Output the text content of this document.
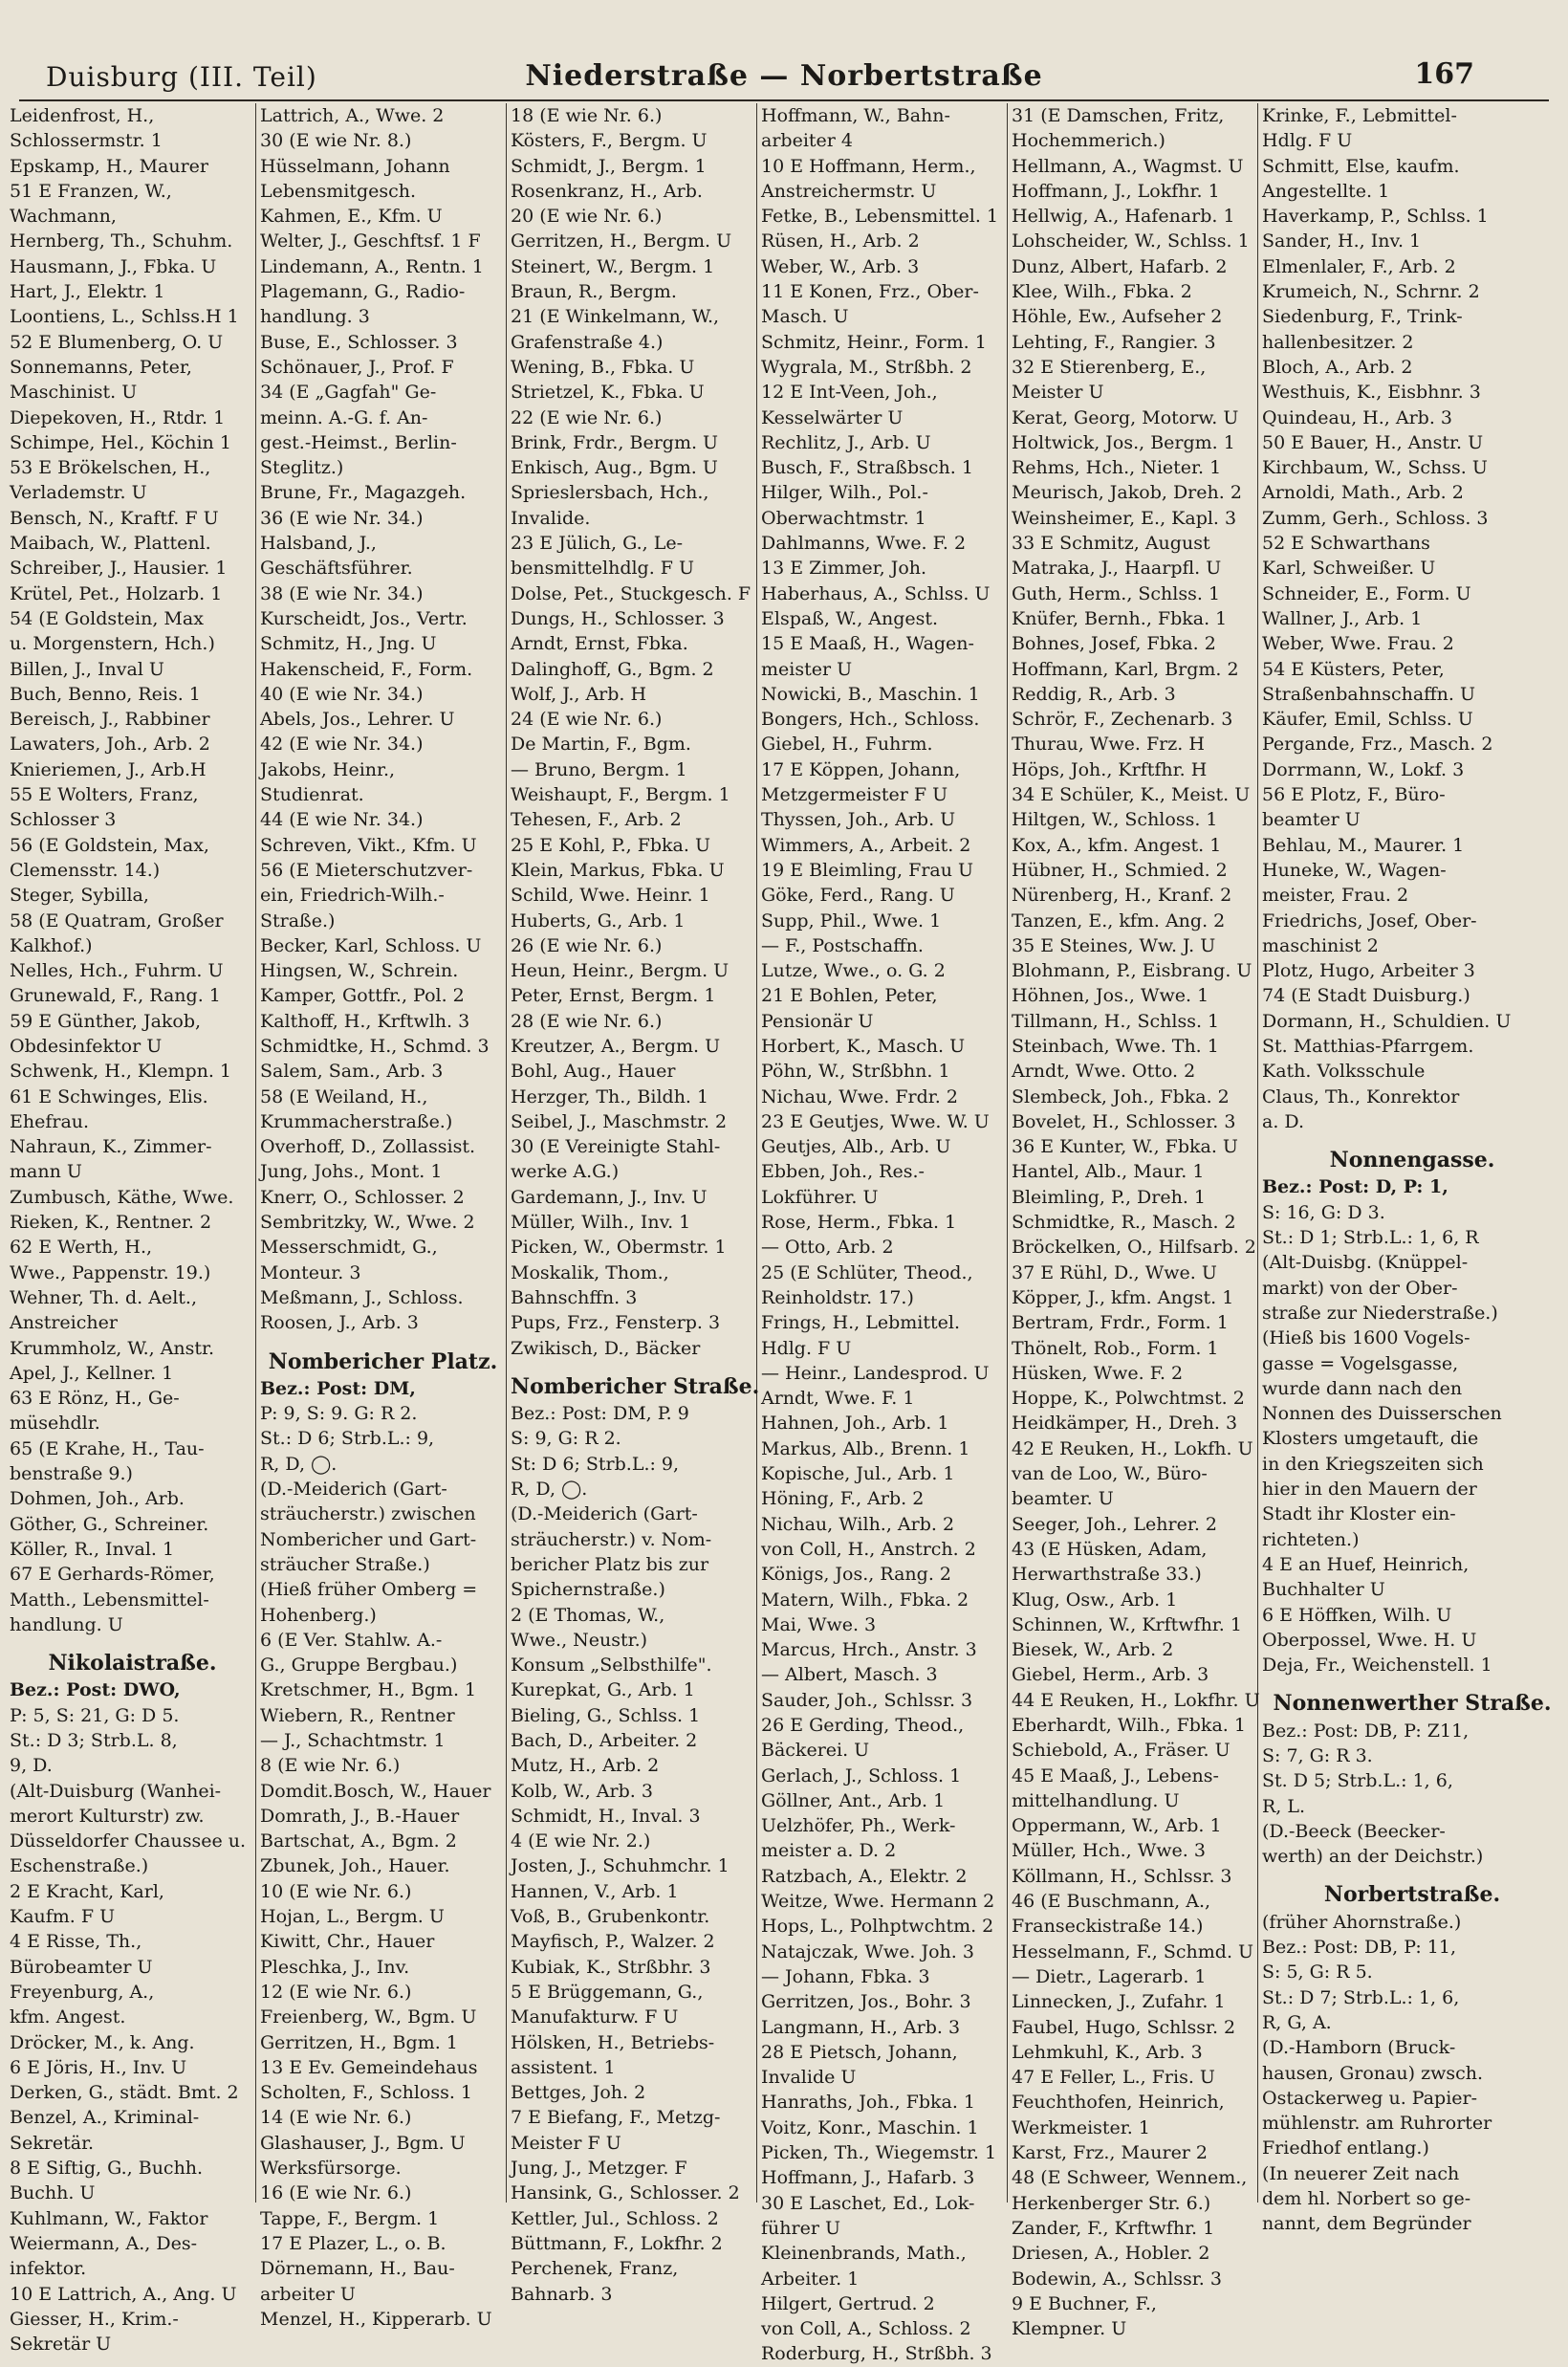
Duisburg (III. Teil)	Niederstraße — Norbertstraße	167
Leidenfrost, H.,
Schlossermstr. 1
Epskamp, H., Maurer
51 E Franzen, W.,
Wachmann,
Hernberg, Th., Schuhm.
Hausmann, J., Fbka. U
Hart, J., Elektr. 1
Loontiens, L., Schlss.H 1
52 E Blumenberg, O. U
Sonnemanns, Peter,
Maschinist. U
Diepekoven, H., Rtdr. 1
Schimpe, Hel., Köchin 1
53 E Brökelschen, H.,
Verlademstr. U
Bensch, N., Kraftf. F U
Maibach, W., Plattenl.
Schreiber, J., Hausier. 1
Krütel, Pet., Holzarb. 1
54 (E Goldstein, Max
u. Morgenstern, Hch.)
Billen, J., Inval U
Buch, Benno, Reis. 1
Bereisch, J., Rabbiner
Lawaters, Joh., Arb. 2
Knieriemen, J., Arb.H
55 E Wolters, Franz,
Schlosser 3
56 (E Goldstein, Max,
Clemensstr. 14.)
Steger, Sybilla,
58 (E Quatram, Großer
Kalkhof.)
Nelles, Hch., Fuhrm. U
Grunewald, F., Rang. 1
59 E Günther, Jakob,
Obdesinfektor U
Schwenk, H., Klempn. 1
61 E Schwinges, Elis.
Ehefrau.
Nahraun, K., Zimmer-
mann U
Zumbusch, Käthe, Wwe.
Rieken, K., Rentner. 2
62 E Werth, H.,
Wwe., Pappenstr. 19.)
Wehner, Th. d. Aelt.,
Anstreicher
Krummholz, W., Anstr.
Apel, J., Kellner. 1
63 E Rönz, H., Ge-
müsehdlr.
65 (E Krahe, H., Tau-
benstraße 9.)
Dohmen, Joh., Arb.
Göther, G., Schreiner.
Köller, R., Inval. 1
67 E Gerhards-Römer,
Matth., Lebensmittel-
handlung. U
Nikolaistraße.
Bez.: Post: DWO,
P: 5, S: 21, G: D 5.
St.: D 3; Strb.L. 8,
9, D.
(Alt-Duisburg (Wanhei-
merort Kulturstr) zw.
Düsseldorfer Chaussee u.
Eschenstraße.)
2 E Kracht, Karl,
Kaufm. F U
4 E Risse, Th.,
Bürobeamter U
Freyenburg, A.,
kfm. Angest.
Dröcker, M., k. Ang.
6 E Jöris, H., Inv. U
Derken, G., städt. Bmt. 2
Benzel, A., Kriminal-
Sekretär.
8 E Siftig, G., Buchh.
Buchh. U
Kuhlmann, W., Faktor
Weiermann, A., Des-
infektor.
10 E Lattrich, A., Ang. U
Giesser, H., Krim.-
Sekretär U
Lattrich, A., Wwe. 2
30 (E wie Nr. 8.)
Hüsselmann, Johann
Lebensmitgesch.
Kahmen, E., Kfm. U
Welter, J., Geschftsf. 1 F
Lindemann, A., Rentn. 1
Plagemann, G., Radio-
handlung. 3
Buse, E., Schlosser. 3
Schönauer, J., Prof. F
34 (E „Gagfah" Ge-
meinn. A.-G. f. An-
gest.-Heimst., Berlin-
Steglitz.)
Brune, Fr., Magazgeh.
36 (E wie Nr. 34.)
Halsband, J.,
Geschäftsführer.
38 (E wie Nr. 34.)
Kurscheidt, Jos., Vertr.
Schmitz, H., Jng. U
Hakenscheid, F., Form.
40 (E wie Nr. 34.)
Abels, Jos., Lehrer. U
42 (E wie Nr. 34.)
Jakobs, Heinr.,
Studienrat.
44 (E wie Nr. 34.)
Schreven, Vikt., Kfm. U
56 (E Mieterschutzver-
ein, Friedrich-Wilh.-
Straße.)
Becker, Karl, Schloss. U
Hingsen, W., Schrein.
Kamper, Gottfr., Pol. 2
Kalthoff, H., Krftwlh. 3
Schmidtke, H., Schmd. 3
Salem, Sam., Arb. 3
58 (E Weiland, H.,
Krummacherstraße.)
Overhoff, D., Zollassist.
Jung, Johs., Mont. 1
Knerr, O., Schlosser. 2
Sembritzky, W., Wwe. 2
Messerschmidt, G.,
Monteur. 3
Meßmann, J., Schloss.
Roosen, J., Arb. 3
Nombericher Platz.
Bez.: Post: DM,
P: 9, S: 9. G: R 2.
St.: D 6; Strb.L.: 9,
R, D, ◯.
(D.-Meiderich (Gart-
sträucherstr.) zwischen
Nombericher und Gart-
sträucher Straße.)
(Hieß früher Omberg =
Hohenberg.)
6 (E Ver. Stahlw. A.-
G., Gruppe Bergbau.)
Kretschmer, H., Bgm. 1
Wiebern, R., Rentner
— J., Schachtmstr. 1
8 (E wie Nr. 6.)
Domdit.Bosch, W., Hauer
Domrath, J., B.-Hauer
Bartschat, A., Bgm. 2
Zbunek, Joh., Hauer.
10 (E wie Nr. 6.)
Hojan, L., Bergm. U
Kiwitt, Chr., Hauer
Pleschka, J., Inv.
12 (E wie Nr. 6.)
Freienberg, W., Bgm. U
Gerritzen, H., Bgm. 1
13 E Ev. Gemeindehaus
Scholten, F., Schloss. 1
14 (E wie Nr. 6.)
Glashauser, J., Bgm. U
Werksfürsorge.
16 (E wie Nr. 6.)
Tappe, F., Bergm. 1
17 E Plazer, L., o. B.
Dörnemann, H., Bau-
arbeiter U
Menzel, H., Kipperarb. U
18 (E wie Nr. 6.)
Kösters, F., Bergm. U
Schmidt, J., Bergm. 1
Rosenkranz, H., Arb.
20 (E wie Nr. 6.)
Gerritzen, H., Bergm. U
Steinert, W., Bergm. 1
Braun, R., Bergm.
21 (E Winkelmann, W.,
Grafenstraße 4.)
Wening, B., Fbka. U
Strietzel, K., Fbka. U
22 (E wie Nr. 6.)
Brink, Frdr., Bergm. U
Enkisch, Aug., Bgm. U
Sprieslersbach, Hch.,
Invalide.
23 E Jülich, G., Le-
bensmittelhdlg. F U
Dolse, Pet., Stuckgesch. F
Dungs, H., Schlosser. 3
Arndt, Ernst, Fbka.
Dalinghoff, G., Bgm. 2
Wolf, J., Arb. H
24 (E wie Nr. 6.)
De Martin, F., Bgm.
— Bruno, Bergm. 1
Weishaupt, F., Bergm. 1
Tehesen, F., Arb. 2
25 E Kohl, P., Fbka. U
Klein, Markus, Fbka. U
Schild, Wwe. Heinr. 1
Huberts, G., Arb. 1
26 (E wie Nr. 6.)
Heun, Heinr., Bergm. U
Peter, Ernst, Bergm. 1
28 (E wie Nr. 6.)
Kreutzer, A., Bergm. U
Bohl, Aug., Hauer
Herzger, Th., Bildh. 1
Seibel, J., Maschmstr. 2
30 (E Vereinigte Stahl-
werke A.G.)
Gardemann, J., Inv. U
Müller, Wilh., Inv. 1
Picken, W., Obermstr. 1
Moskalik, Thom.,
Bahnschffn. 3
Pups, Frz., Fensterp. 3
Zwikisch, D., Bäcker
Nombericher Straße.
Bez.: Post: DM, P. 9
S: 9, G: R 2.
St: D 6; Strb.L.: 9,
R, D, ◯.
(D.-Meiderich (Gart-
sträucherstr.) v. Nom-
bericher Platz bis zur
Spichernstraße.)
2 (E Thomas, W.,
Wwe., Neustr.)
Konsum „Selbsthilfe".
Kurepkat, G., Arb. 1
Bieling, G., Schlss. 1
Bach, D., Arbeiter. 2
Mutz, H., Arb. 2
Kolb, W., Arb. 3
Schmidt, H., Inval. 3
4 (E wie Nr. 2.)
Josten, J., Schuhmchr. 1
Hannen, V., Arb. 1
Voß, B., Grubenkontr.
Mayfisch, P., Walzer. 2
Kubiak, K., Strßbhr. 3
5 E Brüggemann, G.,
Manufakturw. F U
Hölsken, H., Betriebs-
assistent. 1
Bettges, Joh. 2
7 E Biefang, F., Metzg-
Meister F U
Jung, J., Metzger. F
Hansink, G., Schlosser. 2
Kettler, Jul., Schloss. 2
Büttmann, F., Lokfhr. 2
Perchenek, Franz,
Bahnarb. 3
Hoffmann, W., Bahn-
arbeiter 4
10 E Hoffmann, Herm.,
Anstreichermstr. U
Fetke, B., Lebensmittel. 1
Rüsen, H., Arb. 2
Weber, W., Arb. 3
11 E Konen, Frz., Ober-
Masch. U
Schmitz, Heinr., Form. 1
Wygrala, M., Strßbh. 2
12 E Int-Veen, Joh.,
Kesselwärter U
Rechlitz, J., Arb. U
Busch, F., Straßbsch. 1
Hilger, Wilh., Pol.-
Oberwachtmstr. 1
Dahlmanns, Wwe. F. 2
13 E Zimmer, Joh.
Haberhaus, A., Schlss. U
Elspaß, W., Angest.
15 E Maaß, H., Wagen-
meister U
Nowicki, B., Maschin. 1
Bongers, Hch., Schloss.
Giebel, H., Fuhrm.
17 E Köppen, Johann,
Metzgermeister F U
Thyssen, Joh., Arb. U
Wimmers, A., Arbeit. 2
19 E Bleimling, Frau U
Göke, Ferd., Rang. U
Supp, Phil., Wwe. 1
— F., Postschaffn.
Lutze, Wwe., o. G. 2
21 E Bohlen, Peter,
Pensionär U
Horbert, K., Masch. U
Pöhn, W., Strßbhn. 1
Nichau, Wwe. Frdr. 2
23 E Geutjes, Wwe. W. U
Geutjes, Alb., Arb. U
Ebben, Joh., Res.-
Lokführer. U
Rose, Herm., Fbka. 1
— Otto, Arb. 2
25 (E Schlüter, Theod.,
Reinholdstr. 17.)
Frings, H., Lebmittel.
Hdlg. F U
— Heinr., Landesprod. U
Arndt, Wwe. F. 1
Hahnen, Joh., Arb. 1
Markus, Alb., Brenn. 1
Kopische, Jul., Arb. 1
Höning, F., Arb. 2
Nichau, Wilh., Arb. 2
von Coll, H., Anstrch. 2
Königs, Jos., Rang. 2
Matern, Wilh., Fbka. 2
Mai, Wwe. 3
Marcus, Hrch., Anstr. 3
— Albert, Masch. 3
Sauder, Joh., Schlssr. 3
26 E Gerding, Theod.,
Bäckerei. U
Gerlach, J., Schloss. 1
Göllner, Ant., Arb. 1
Uelzhöfer, Ph., Werk-
meister a. D. 2
Ratzbach, A., Elektr. 2
Weitze, Wwe. Hermann 2
Hops, L., Polhptwchtm. 2
Natajczak, Wwe. Joh. 3
— Johann, Fbka. 3
Gerritzen, Jos., Bohr. 3
Langmann, H., Arb. 3
28 E Pietsch, Johann,
Invalide U
Hanraths, Joh., Fbka. 1
Voitz, Konr., Maschin. 1
Picken, Th., Wiegemstr. 1
Hoffmann, J., Hafarb. 3
30 E Laschet, Ed., Lok-
führer U
Kleinenbrands, Math.,
Arbeiter. 1
Hilgert, Gertrud. 2
von Coll, A., Schloss. 2
Roderburg, H., Strßbh. 3
31 (E Damschen, Fritz,
Hochemmerich.)
Hellmann, A., Wagmst. U
Hoffmann, J., Lokfhr. 1
Hellwig, A., Hafenarb. 1
Lohscheider, W., Schlss. 1
Dunz, Albert, Hafarb. 2
Klee, Wilh., Fbka. 2
Höhle, Ew., Aufseher 2
Lehting, F., Rangier. 3
32 E Stierenberg, E.,
Meister U
Kerat, Georg, Motorw. U
Holtwick, Jos., Bergm. 1
Rehms, Hch., Nieter. 1
Meurisch, Jakob, Dreh. 2
Weinsheimer, E., Kapl. 3
33 E Schmitz, August
Matraka, J., Haarpfl. U
Guth, Herm., Schlss. 1
Knüfer, Bernh., Fbka. 1
Bohnes, Josef, Fbka. 2
Hoffmann, Karl, Brgm. 2
Reddig, R., Arb. 3
Schrör, F., Zechenarb. 3
Thurau, Wwe. Frz. H
Höps, Joh., Krftfhr. H
34 E Schüler, K., Meist. U
Hiltgen, W., Schloss. 1
Kox, A., kfm. Angest. 1
Hübner, H., Schmied. 2
Nürenberg, H., Kranf. 2
Tanzen, E., kfm. Ang. 2
35 E Steines, Ww. J. U
Blohmann, P., Eisbrang. U
Höhnen, Jos., Wwe. 1
Tillmann, H., Schlss. 1
Steinbach, Wwe. Th. 1
Arndt, Wwe. Otto. 2
Slembeck, Joh., Fbka. 2
Bovelet, H., Schlosser. 3
36 E Kunter, W., Fbka. U
Hantel, Alb., Maur. 1
Bleimling, P., Dreh. 1
Schmidtke, R., Masch. 2
Bröckelken, O., Hilfsarb. 2
37 E Rühl, D., Wwe. U
Köpper, J., kfm. Angst. 1
Bertram, Frdr., Form. 1
Thönelt, Rob., Form. 1
Hüsken, Wwe. F. 2
Hoppe, K., Polwchtmst. 2
Heidkämper, H., Dreh. 3
42 E Reuken, H., Lokfh. U
van de Loo, W., Büro-
beamter. U
Seeger, Joh., Lehrer. 2
43 (E Hüsken, Adam,
Herwarthstraße 33.)
Klug, Osw., Arb. 1
Schinnen, W., Krftwfhr. 1
Biesek, W., Arb. 2
Giebel, Herm., Arb. 3
44 E Reuken, H., Lokfhr. U
Eberhardt, Wilh., Fbka. 1
Schiebold, A., Fräser. U
45 E Maaß, J., Lebens-
mittelhandlung. U
Oppermann, W., Arb. 1
Müller, Hch., Wwe. 3
Köllmann, H., Schlssr. 3
46 (E Buschmann, A.,
Franseckistraße 14.)
Hesselmann, F., Schmd. U
— Dietr., Lagerarb. 1
Linnecken, J., Zufahr. 1
Faubel, Hugo, Schlssr. 2
Lehmkuhl, K., Arb. 3
47 E Feller, L., Fris. U
Feuchthofen, Heinrich,
Werkmeister. 1
Karst, Frz., Maurer 2
48 (E Schweer, Wennem.,
Herkenberger Str. 6.)
Zander, F., Krftwfhr. 1
Driesen, A., Hobler. 2
Bodewin, A., Schlssr. 3
9 E Buchner, F.,
Klempner. U
Krinke, F., Lebmittel-
Hdlg. F U
Schmitt, Else, kaufm.
Angestellte. 1
Haverkamp, P., Schlss. 1
Sander, H., Inv. 1
Elmenlaler, F., Arb. 2
Krumeich, N., Schrnr. 2
Siedenburg, F., Trink-
hallenbesitzer. 2
Bloch, A., Arb. 2
Westhuis, K., Eisbhnr. 3
Quindeau, H., Arb. 3
50 E Bauer, H., Anstr. U
Kirchbaum, W., Schss. U
Arnoldi, Math., Arb. 2
Zumm, Gerh., Schloss. 3
52 E Schwarthans
Karl, Schweißer. U
Schneider, E., Form. U
Wallner, J., Arb. 1
Weber, Wwe. Frau. 2
54 E Küsters, Peter,
Straßenbahnschaffn. U
Käufer, Emil, Schlss. U
Pergande, Frz., Masch. 2
Dorrmann, W., Lokf. 3
56 E Plotz, F., Büro-
beamter U
Behlau, M., Maurer. 1
Huneke, W., Wagen-
meister, Frau. 2
Friedrichs, Josef, Ober-
maschinist 2
Plotz, Hugo, Arbeiter 3
74 (E Stadt Duisburg.)
Dormann, H., Schuldien. U
St. Matthias-Pfarrgem.
Kath. Volksschule
Claus, Th., Konrektor
a. D.
Nonnengasse.
Bez.: Post: D, P: 1,
S: 16, G: D 3.
St.: D 1; Strb.L.: 1, 6, R
(Alt-Duisbg. (Knüppel-
markt) von der Ober-
straße zur Niederstraße.)
(Hieß bis 1600 Vogels-
gasse = Vogelsgasse,
wurde dann nach den
Nonnen des Duisserschen
Klosters umgetauft, die
in den Kriegszeiten sich
hier in den Mauern der
Stadt ihr Kloster ein-
richteten.)
4 E an Huef, Heinrich,
Buchhalter U
6 E Höffken, Wilh. U
Oberpossel, Wwe. H. U
Deja, Fr., Weichenstell. 1
Nonnenwerther Straße.
Bez.: Post: DB, P: Z11,
S: 7, G: R 3.
St. D 5; Strb.L.: 1, 6,
R, L.
(D.-Beeck (Beecker-
werth) an der Deichstr.)
Norbertstraße.
(früher Ahornstraße.)
Bez.: Post: DB, P: 11,
S: 5, G: R 5.
St.: D 7; Strb.L.: 1, 6,
R, G, A.
(D.-Hamborn (Bruck-
hausen, Gronau) zwsch.
Ostackerweg u. Papier-
mühlenstr. am Ruhrorter
Friedhof entlang.)
(In neuerer Zeit nach
dem hl. Norbert so ge-
nannt, dem Begründer
